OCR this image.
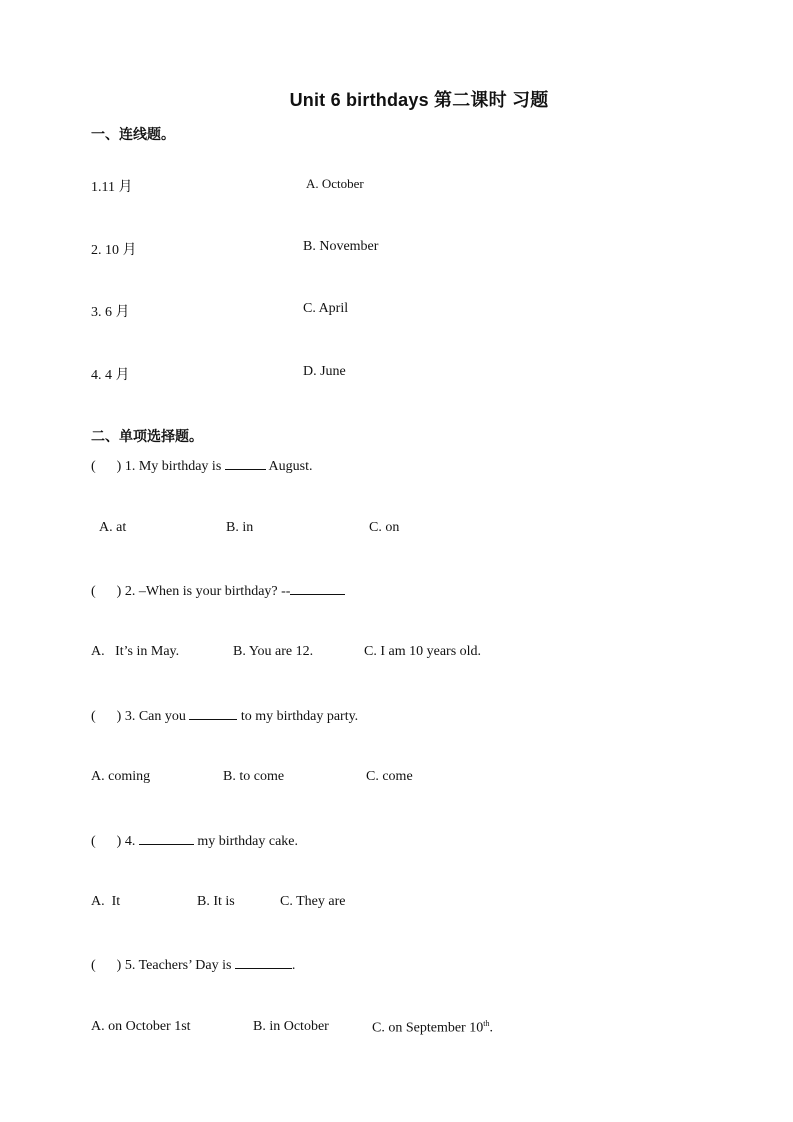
Unit 6 birthdays 第二课时 习题
一、连线题。
1.11 月	A. October
2. 10 月	B. November
3. 6 月	C. April
4. 4 月	D. June
二、单项选择题。
(      ) 1. My birthday is	August.
A. at	B. in	C. on
(      ) 2. –When is your birthday? --
A.   It’s in May.	B. You are 12.	C. I am 10 years old.
(      ) 3. Can you	to my birthday party.
A. coming	B. to come	C. come
(      ) 4.	my birthday cake.
A.  It	B. It is	C. They are
(      ) 5. Teachers’ Day is	.
A. on October 1st	B. in October	C. on September 10th.
